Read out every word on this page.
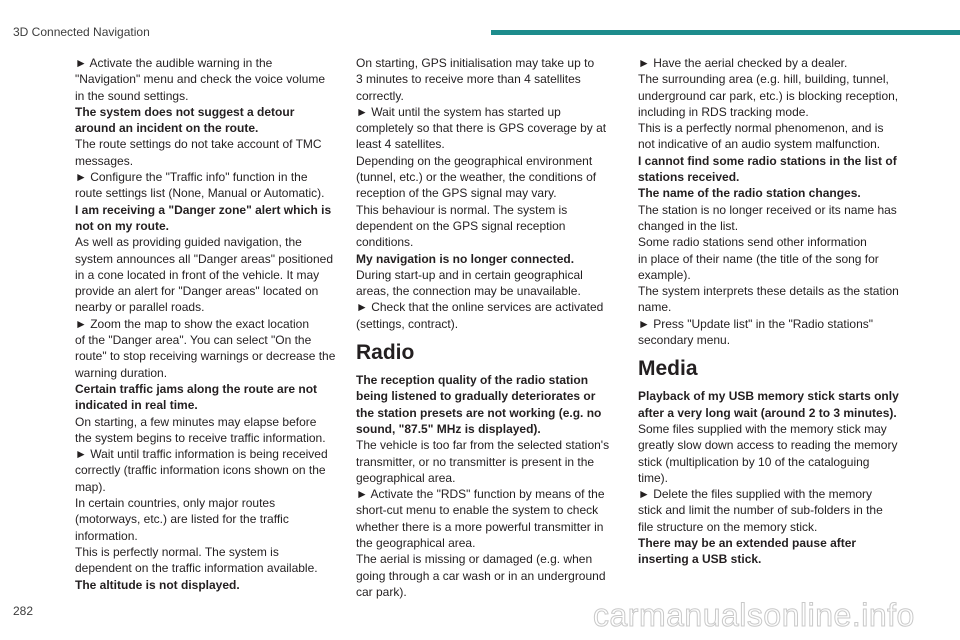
3D Connected Navigation
► Activate the audible warning in the
"Navigation" menu and check the voice volume
in the sound settings.
The system does not suggest a detour
around an incident on the route.
The route settings do not take account of TMC
messages.
► Configure the "Traffic info" function in the
route settings list (None, Manual or Automatic).
I am receiving a "Danger zone" alert which is
not on my route.
As well as providing guided navigation, the
system announces all "Danger areas" positioned
in a cone located in front of the vehicle. It may
provide an alert for "Danger areas" located on
nearby or parallel roads.
► Zoom the map to show the exact location
of the "Danger area". You can select "On the
route" to stop receiving warnings or decrease the
warning duration.
Certain traffic jams along the route are not
indicated in real time.
On starting, a few minutes may elapse before
the system begins to receive traffic information.
► Wait until traffic information is being received
correctly (traffic information icons shown on the
map).
In certain countries, only major routes
(motorways, etc.) are listed for the traffic
information.
This is perfectly normal. The system is
dependent on the traffic information available.
The altitude is not displayed.
On starting, GPS initialisation may take up to
3 minutes to receive more than 4 satellites
correctly.
► Wait until the system has started up
completely so that there is GPS coverage by at
least 4 satellites.
Depending on the geographical environment
(tunnel, etc.) or the weather, the conditions of
reception of the GPS signal may vary.
This behaviour is normal. The system is
dependent on the GPS signal reception
conditions.
My navigation is no longer connected.
During start-up and in certain geographical
areas, the connection may be unavailable.
► Check that the online services are activated
(settings, contract).
Radio
The reception quality of the radio station
being listened to gradually deteriorates or
the station presets are not working (e.g. no
sound, "87.5" MHz is displayed).
The vehicle is too far from the selected station's
transmitter, or no transmitter is present in the
geographical area.
► Activate the "RDS" function by means of the
short-cut menu to enable the system to check
whether there is a more powerful transmitter in
the geographical area.
The aerial is missing or damaged (e.g. when
going through a car wash or in an underground
car park).
► Have the aerial checked by a dealer.
The surrounding area (e.g. hill, building, tunnel,
underground car park, etc.) is blocking reception,
including in RDS tracking mode.
This is a perfectly normal phenomenon, and is
not indicative of an audio system malfunction.
I cannot find some radio stations in the list of
stations received.
The name of the radio station changes.
The station is no longer received or its name has
changed in the list.
Some radio stations send other information
in place of their name (the title of the song for
example).
The system interprets these details as the station
name.
► Press "Update list" in the "Radio stations"
secondary menu.
Media
Playback of my USB memory stick starts only
after a very long wait (around 2 to 3 minutes).
Some files supplied with the memory stick may
greatly slow down access to reading the memory
stick (multiplication by 10 of the cataloguing
time).
► Delete the files supplied with the memory
stick and limit the number of sub-folders in the
file structure on the memory stick.
There may be an extended pause after
inserting a USB stick.
282	carmanualsonline.info
